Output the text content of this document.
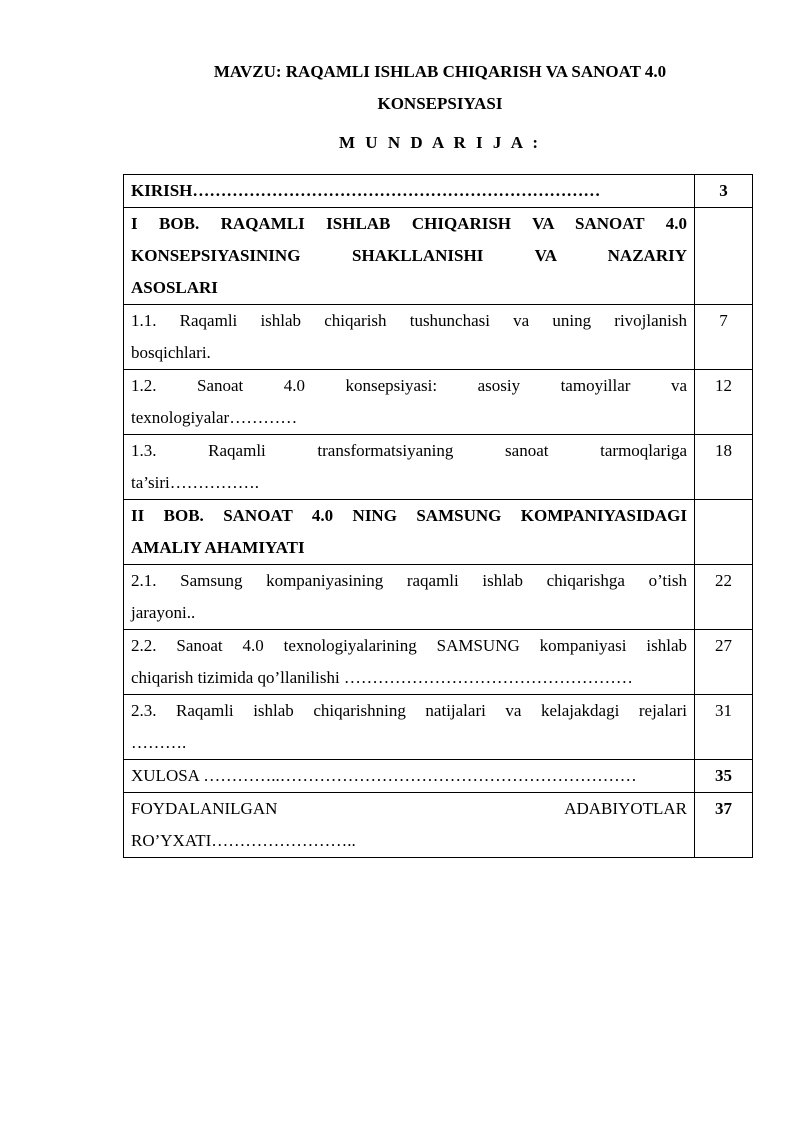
MAVZU: RAQAMLI ISHLAB CHIQARISH VA SANOAT 4.0
KONSEPSIYASI
M U N D A R I J A :
KIRISH………………………………………………………………	3

I BOB. RAQAMLI ISHLAB CHIQARISH VA SANOAT 4.0
KONSEPSIYASINING SHAKLLANISHI VA NAZARIY
ASOSLARI	

1.1. Raqamli ishlab chiqarish tushunchasi va uning rivojlanish
bosqichlari.	7

1.2. Sanoat 4.0 konsepsiyasi: asosiy tamoyillar va
texnologiyalar…………	12

1.3. Raqamli transformatsiyaning sanoat tarmoqlariga
ta’siri…………….	18

II BOB. SANOAT 4.0 NING SAMSUNG KOMPANIYASIDAGI
AMALIY AHAMIYATI	

2.1. Samsung kompaniyasining raqamli ishlab chiqarishga o’tish
jarayoni..	22

2.2. Sanoat 4.0 texnologiyalarining SAMSUNG kompaniyasi ishlab
chiqarish tizimida qo’llanilishi ……………………………………………	27

2.3. Raqamli ishlab chiqarishning natijalari va kelajakdagi rejalari
……….	31

XULOSA …………..………………………………………………………	35

FOYDALANILGAN ADABIYOTLAR
RO’YXATI……………………..	37
